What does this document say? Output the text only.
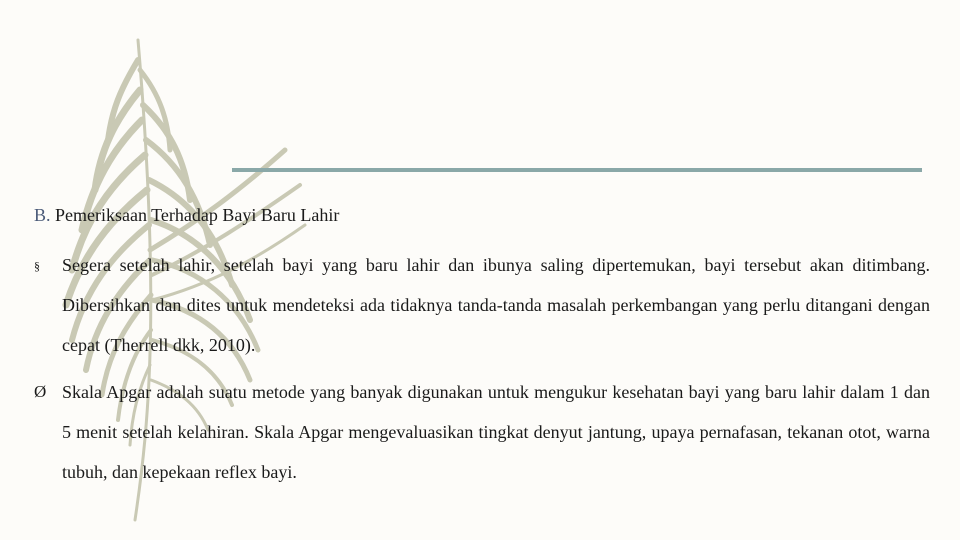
B. Pemeriksaan Terhadap Bayi Baru Lahir
§	Segera setelah lahir, setelah bayi yang baru lahir dan ibunya saling dipertemukan, bayi tersebut akan ditimbang. Dibersihkan dan dites untuk mendeteksi ada tidaknya tanda-tanda masalah perkembangan yang perlu ditangani dengan cepat (Therrell dkk, 2010).
Ø Skala Apgar adalah suatu metode yang banyak digunakan untuk mengukur kesehatan bayi yang baru lahir dalam 1 dan 5 menit setelah kelahiran. Skala Apgar mengevaluasikan tingkat denyut jantung, upaya pernafasan, tekanan otot, warna tubuh, dan kepekaan reflex bayi.
